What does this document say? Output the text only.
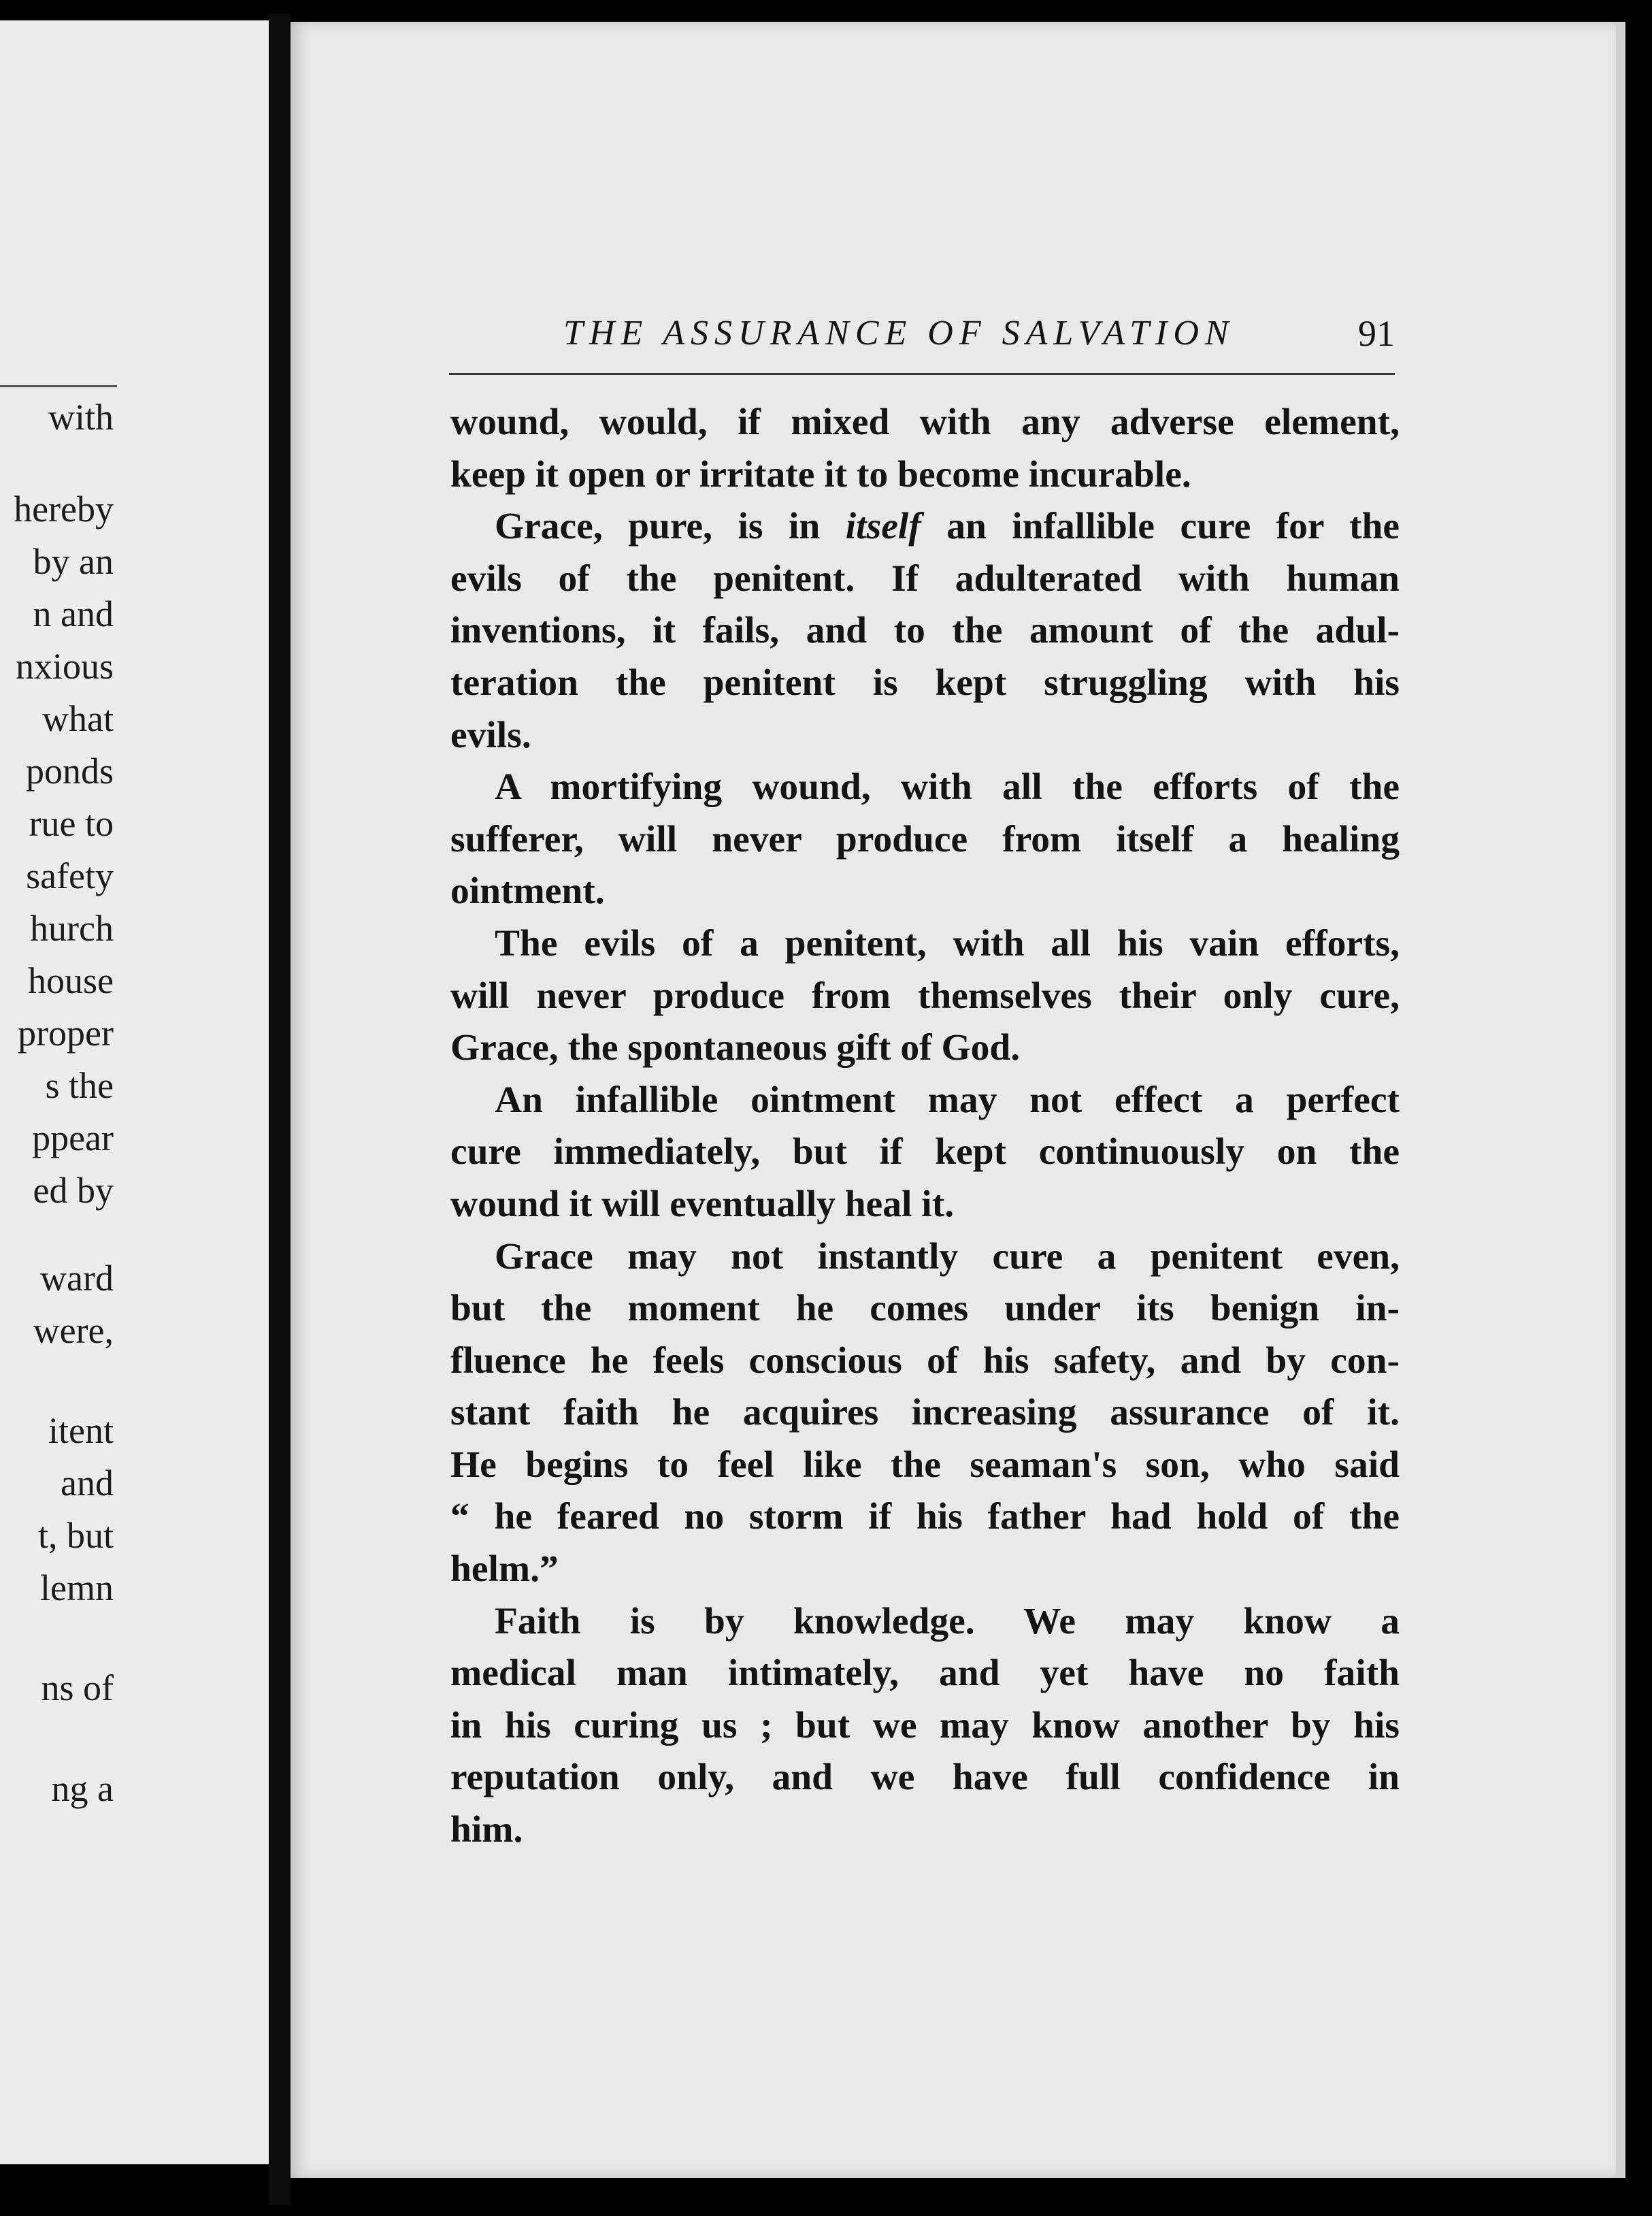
with
hereby
by an
n and
nxious
what
ponds
rue to
safety
hurch
house
proper
s the
ppear
ed by
ward
were,
itent
and
t, but
lemn
ns of
ng a
THE ASSURANCE OF SALVATION	91
wound, would, if mixed with any adverse element,
keep it open or irritate it to become incurable.
Grace, pure, is in itself an infallible cure for the
evils of the penitent. If adulterated with human
inventions, it fails, and to the amount of the adul-
teration the penitent is kept struggling with his
evils.
A mortifying wound, with all the efforts of the
sufferer, will never produce from itself a healing
ointment.
The evils of a penitent, with all his vain efforts,
will never produce from themselves their only cure,
Grace, the spontaneous gift of God.
An infallible ointment may not effect a perfect
cure immediately, but if kept continuously on the
wound it will eventually heal it.
Grace may not instantly cure a penitent even,
but the moment he comes under its benign in-
fluence he feels conscious of his safety, and by con-
stant faith he acquires increasing assurance of it.
He begins to feel like the seaman's son, who said
“ he feared no storm if his father had hold of the
helm.”
Faith is by knowledge. We may know a
medical man intimately, and yet have no faith
in his curing us ; but we may know another by his
reputation only, and we have full confidence in
him.
